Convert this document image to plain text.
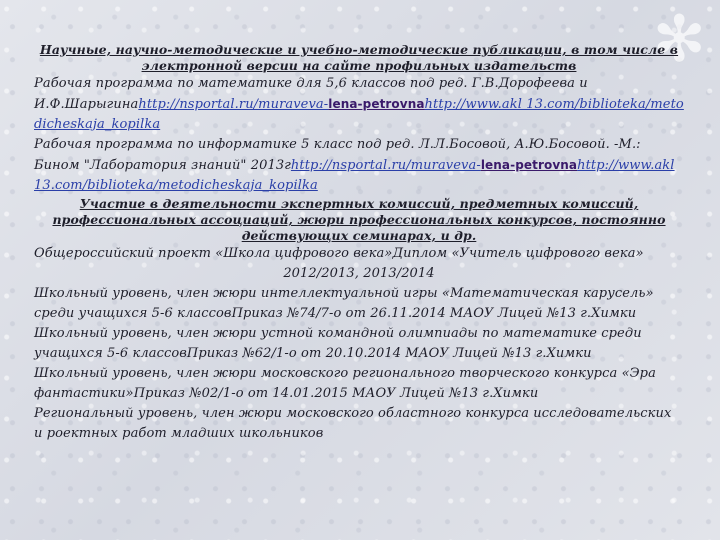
✻

Научные, научно-методические и учебно-методические публикации, в том числе в электронной версии на сайте профильных издательств

Рабочая программа по математике для 5,6 классов под ред. Г.В.Дорофеева и И.Ф.Шарыгинаhttp://nsportal.ru/muraveva-lena-petrovnahttp://www.akl 13.com/biblioteka/metodicheskaja_kopilka

Рабочая программа по информатике 5 класс под ред. Л.Л.Босовой, А.Ю.Босовой. -М.: Бином "Лаборатория знаний" 2013гhttp://nsportal.ru/muraveva-lena-petrovnahttp://www.akl 13.com/biblioteka/metodicheskaja_kopilka

Участие в деятельности экспертных комиссий, предметных комиссий, профессиональных ассоциаций, жюри профессиональных конкурсов, постоянно действующих семинарах, и др.

Общероссийский проект «Школа цифрового века»Диплом «Учитель цифрового века»

2012/2013, 2013/2014

Школьный уровень, член жюри интеллектуальной игры «Математическая карусель» среди учащихся 5-6 классовПриказ №74/7-о от 26.11.2014 МАОУ Лицей №13 г.Химки

Школьный уровень, член жюри устной командной олимпиады по математике среди учащихся 5-6 классовПриказ №62/1-о от 20.10.2014 МАОУ Лицей №13 г.Химки

Школьный уровень, член жюри московского регионального творческого конкурса «Эра фантастики»Приказ №02/1-о от 14.01.2015 МАОУ Лицей №13 г.Химки

Региональный уровень, член жюри московского областного конкурса исследовательских и роектных работ младших школьников
